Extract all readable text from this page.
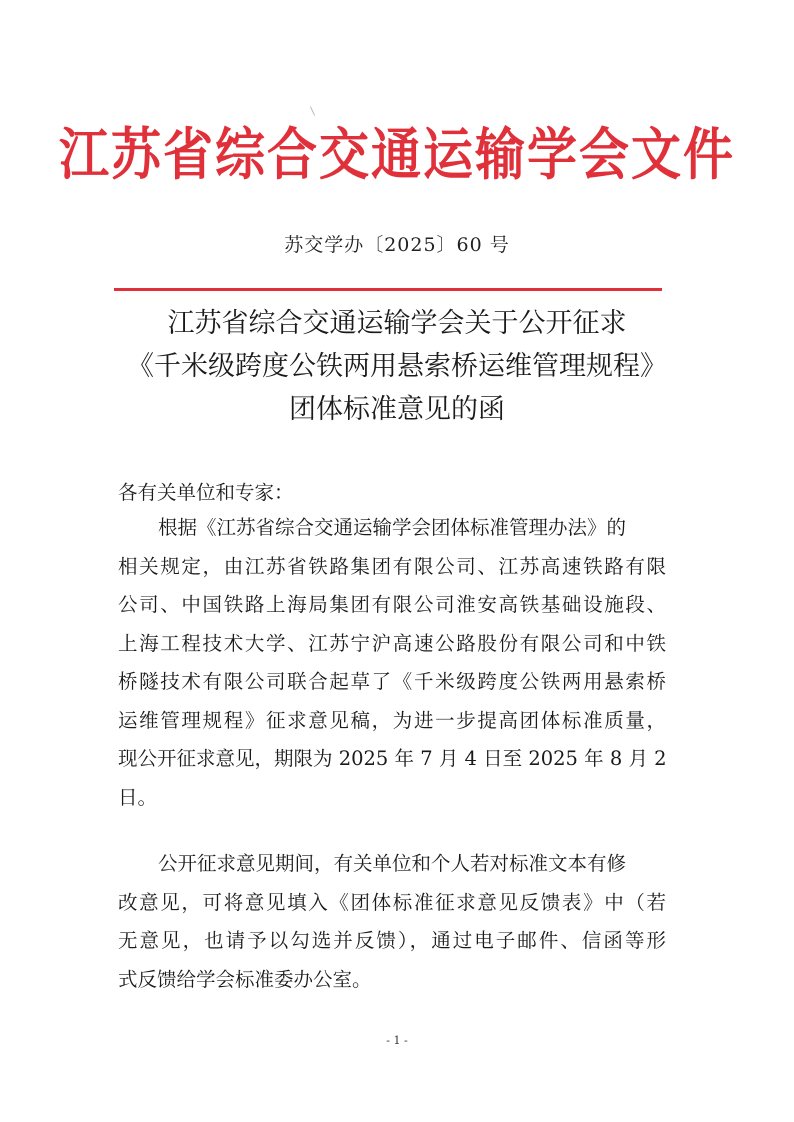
江苏省综合交通运输学会文件
苏交学办〔2025〕60 号
江苏省综合交通运输学会关于公开征求
《千米级跨度公铁两用悬索桥运维管理规程》
团体标准意见的函
各有关单位和专家：
根据《江苏省综合交通运输学会团体标准管理办法》的
相关规定，由江苏省铁路集团有限公司、江苏高速铁路有限
公司、中国铁路上海局集团有限公司淮安高铁基础设施段、
上海工程技术大学、江苏宁沪高速公路股份有限公司和中铁
桥隧技术有限公司联合起草了《千米级跨度公铁两用悬索桥
运维管理规程》征求意见稿，为进一步提高团体标准质量，
现公开征求意见，期限为 2025 年 7 月 4 日至 2025 年 8 月 2
日。
公开征求意见期间，有关单位和个人若对标准文本有修
改意见，可将意见填入《团体标准征求意见反馈表》中（若
无意见，也请予以勾选并反馈），通过电子邮件、信函等形
式反馈给学会标准委办公室。
- 1 -
